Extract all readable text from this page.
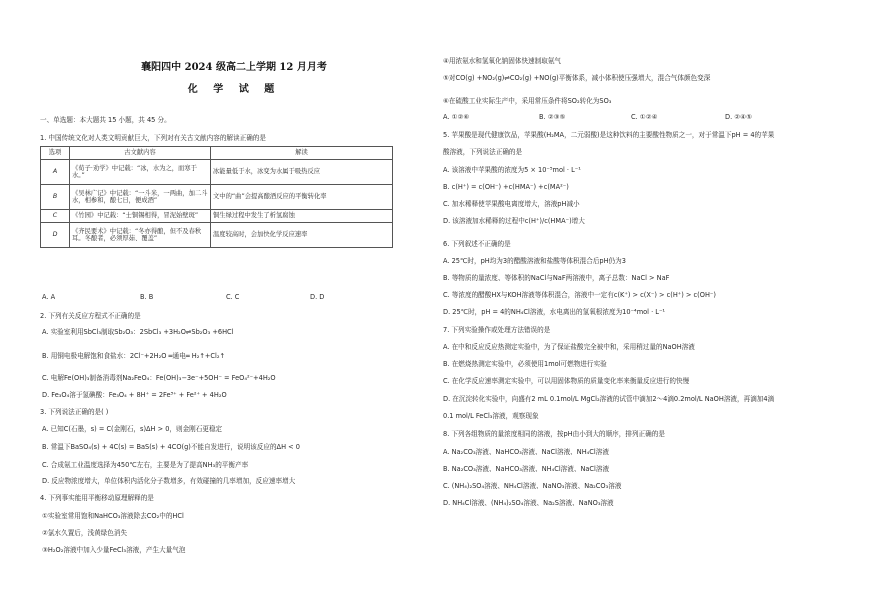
襄阳四中 2024 级高二上学期 12 月月考
化 学 试 题
一、单选题：本大题共 15 小题，共 45 分。
1. 中国传统文化对人类文明贡献巨大，下列对有关古文献内容的解读正确的是
选项	古文献内容	解读
A	《荀子·劝学》中记载：“冰，水为之，而寒于
水。”	冰能量低于水，冰变为水属于吸热反应
B	《吴林广记》中记载：“一斗米，一两曲，加二斗
水，相参和，酿七日，便成酒”	文中的“曲”会提高酿酒反应的平衡转化率
C	《竹园》中记载：“士铜锡相得，冒泥始壁斑”	铜生绿过程中发生了析氢腐蚀
D	《齐民要术》中记载：“冬亦得酿，但不及春秋
耳。冬酿者，必须厚茹、覆盖”	温度较高时，会加快化学反应速率
A. A	B. B	C. C	D. D
2. 下列有关反应方程式不正确的是
A. 实验室利用SbCl₃制取Sb₂O₃：2SbCl₃ +3H₂O⇌Sb₂O₃ +6HCl
B. 用铜电极电解饱和食盐水：2Cl⁻+2H₂O ═通电═ H₂↑+Cl₂↑
C. 电解Fe(OH)₃制备消毒剂Na₂FeO₄：Fe(OH)₃−3e⁻+5OH⁻ = FeO₄²⁻+4H₂O
D. Fe₃O₄溶于氢碘酸：Fe₃O₄ + 8H⁺ = 2Fe³⁺ + Fe²⁺ + 4H₂O
3. 下列说法正确的是( )
A. 已知C(石墨，s) = C(金刚石，s)ΔH > 0，则金刚石更稳定
B. 常温下BaSO₄(s) + 4C(s) = BaS(s) + 4CO(g)不能自发进行，说明该反应的ΔH < 0
C. 合成氨工业温度选择为450℃左右，主要是为了提高NH₃的平衡产率
D. 反应物浓度增大，单位体积内活化分子数增多，有效碰撞的几率增加，反应速率增大
4. 下列事实能用平衡移动原理解释的是
①实验室常用饱和NaHCO₃溶液除去CO₂中的HCl
②氯水久置后，浅黄绿色消失
③H₂O₂溶液中加入少量FeCl₃溶液，产生大量气泡
④用浓氨水和氢氧化钠固体快速制取氨气
⑤对CO(g) +NO₂(g)⇌CO₂(g) +NO(g)平衡体系，减小体积使压强增大，混合气体颜色变深
⑥在硫酸工业实际生产中，采用常压条件将SO₂转化为SO₃
A. ①②⑥	B. ②③⑤	C. ①②④	D. ②④⑤
5. 苹果酸是现代健康饮品，苹果酸(H₂MA，二元弱酸)是这种饮料的主要酸性物质之一，对于常温下pH = 4的苹果
酸溶液，下列说法正确的是
A. 该溶液中苹果酸的浓度为5 × 10⁻⁵mol · L⁻¹
B. c(H⁺) = c(OH⁻) +c(HMA⁻) +c(MA²⁻)
C. 加水稀释使苹果酸电离度增大，溶液pH减小
D. 该溶液加水稀释的过程中c(H⁺)/c(HMA⁻)增大
6. 下列叙述不正确的是
A. 25℃时，pH均为3的醋酸溶液和盐酸等体积混合后pH仍为3
B. 等物质的量浓度、等体积的NaCl与NaF两溶液中，离子总数：NaCl > NaF
C. 等浓度的醋酸HX与KOH溶液等体积混合，溶液中一定有c(K⁺) > c(X⁻) > c(H⁺) > c(OH⁻)
D. 25℃时，pH = 4的NH₄Cl溶液，水电离出的氢氧根浓度为10⁻⁴mol · L⁻¹
7. 下列实验操作或处理方法错误的是
A. 在中和反应反应热测定实验中，为了保证盐酸完全被中和，采用稍过量的NaOH溶液
B. 在燃烧热测定实验中，必须使用1mol可燃物进行实验
C. 在化学反应速率测定实验中，可以用固体物质的质量变化率来衡量反应进行的快慢
D. 在沉淀转化实验中，向盛有2 mL 0.1mol/L MgCl₂溶液的试管中滴加2～4滴0.2mol/L NaOH溶液，再滴加4滴
0.1 mol/L FeCl₃溶液，观察现象
8. 下列各组物质的量浓度相同的溶液，按pH由小到大的顺序，排列正确的是
A. Na₂CO₃溶液、NaHCO₃溶液、NaCl溶液、NH₄Cl溶液
B. Na₂CO₃溶液、NaHCO₃溶液、NH₄Cl溶液、NaCl溶液
C. (NH₄)₂SO₄溶液、NH₄Cl溶液、NaNO₃溶液、Na₂CO₃溶液
D. NH₄Cl溶液、(NH₄)₂SO₄溶液、Na₂S溶液、NaNO₃溶液
